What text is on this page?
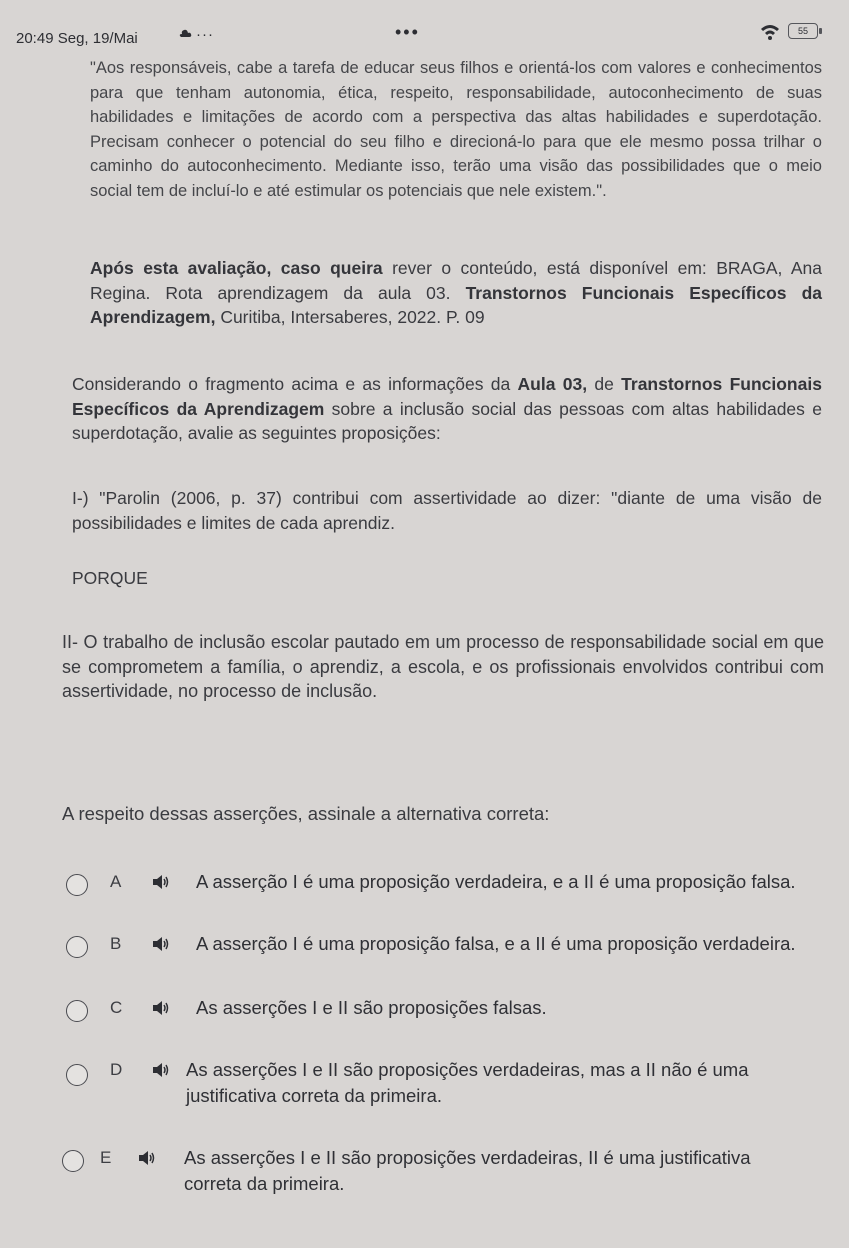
20:49 Seg, 19/Mai	···	•••	55

"Aos responsáveis, cabe a tarefa de educar seus filhos e orientá-los com valores e conhecimentos para que tenham autonomia, ética, respeito, responsabilidade, autoconhecimento de suas habilidades e limitações de acordo com a perspectiva das altas habilidades e superdotação. Precisam conhecer o potencial do seu filho e direcioná-lo para que ele mesmo possa trilhar o caminho do autoconhecimento. Mediante isso, terão uma visão das possibilidades que o meio social tem de incluí-lo e até estimular os potenciais que nele existem.".

Após esta avaliação, caso queira rever o conteúdo, está disponível em: BRAGA, Ana Regina. Rota aprendizagem da aula 03. Transtornos Funcionais Específicos da Aprendizagem, Curitiba, Intersaberes, 2022. P. 09

Considerando o fragmento acima e as informações da Aula 03, de Transtornos Funcionais Específicos da Aprendizagem sobre a inclusão social das pessoas com altas habilidades e superdotação, avalie as seguintes proposições:

I-) "Parolin (2006, p. 37) contribui com assertividade ao dizer: "diante de uma visão de possibilidades e limites de cada aprendiz.

PORQUE

II- O trabalho de inclusão escolar pautado em um processo de responsabilidade social em que se comprometem a família, o aprendiz, a escola, e os profissionais envolvidos contribui com assertividade, no processo de inclusão.

A respeito dessas asserções, assinale a alternativa correta:

A	A asserção I é uma proposição verdadeira, e a II é uma proposição falsa.
B	A asserção I é uma proposição falsa, e a II é uma proposição verdadeira.
C	As asserções I e II são proposições falsas.
D	As asserções I e II são proposições verdadeiras, mas a II não é uma justificativa correta da primeira.
E	As asserções I e II são proposições verdadeiras, II é uma justificativa correta da primeira.
